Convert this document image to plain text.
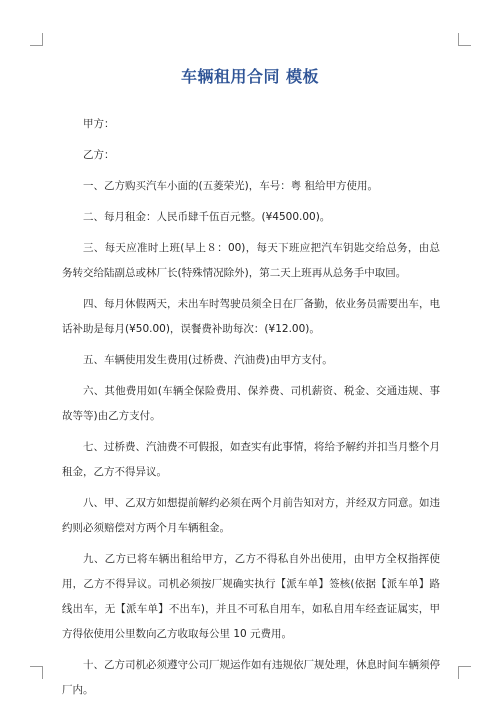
车辆租用合同 模板

甲方：

乙方：

一、乙方购买汽车小面的(五菱荣光)，车号：粤 租给甲方使用。

二、每月租金：人民币肆千伍百元整。(¥4500.00)。

三、每天应准时上班(早上８：00)，每天下班应把汽车钥匙交给总务，由总务转交给陆副总或林厂长(特殊情况除外)，第二天上班再从总务手中取回。

四、每月休假两天，未出车时驾驶员须全日在厂备勤，依业务员需要出车，电话补助是每月(¥50.00)，误餐费补助每次：(¥12.00)。

五、车辆使用发生费用(过桥费、汽油费)由甲方支付。

六、其他费用如(车辆全保险费用、保养费、司机薪资、税金、交通违规、事故等等)由乙方支付。

七、过桥费、汽油费不可假报，如查实有此事情，将给予解约并扣当月整个月租金，乙方不得异议。

八、甲、乙双方如想提前解约必须在两个月前告知对方，并经双方同意。如违约则必须赔偿对方两个月车辆租金。

九、乙方已将车辆出租给甲方，乙方不得私自外出使用，由甲方全权指挥使用，乙方不得异议。司机必须按厂规确实执行【派车单】签核(依据【派车单】路线出车，无【派车单】不出车)，并且不可私自用车，如私自用车经查证属实，甲方得依使用公里数向乙方收取每公里 10 元费用。

十、乙方司机必须遵守公司厂规运作如有违规依厂规处理，休息时间车辆须停厂内。
